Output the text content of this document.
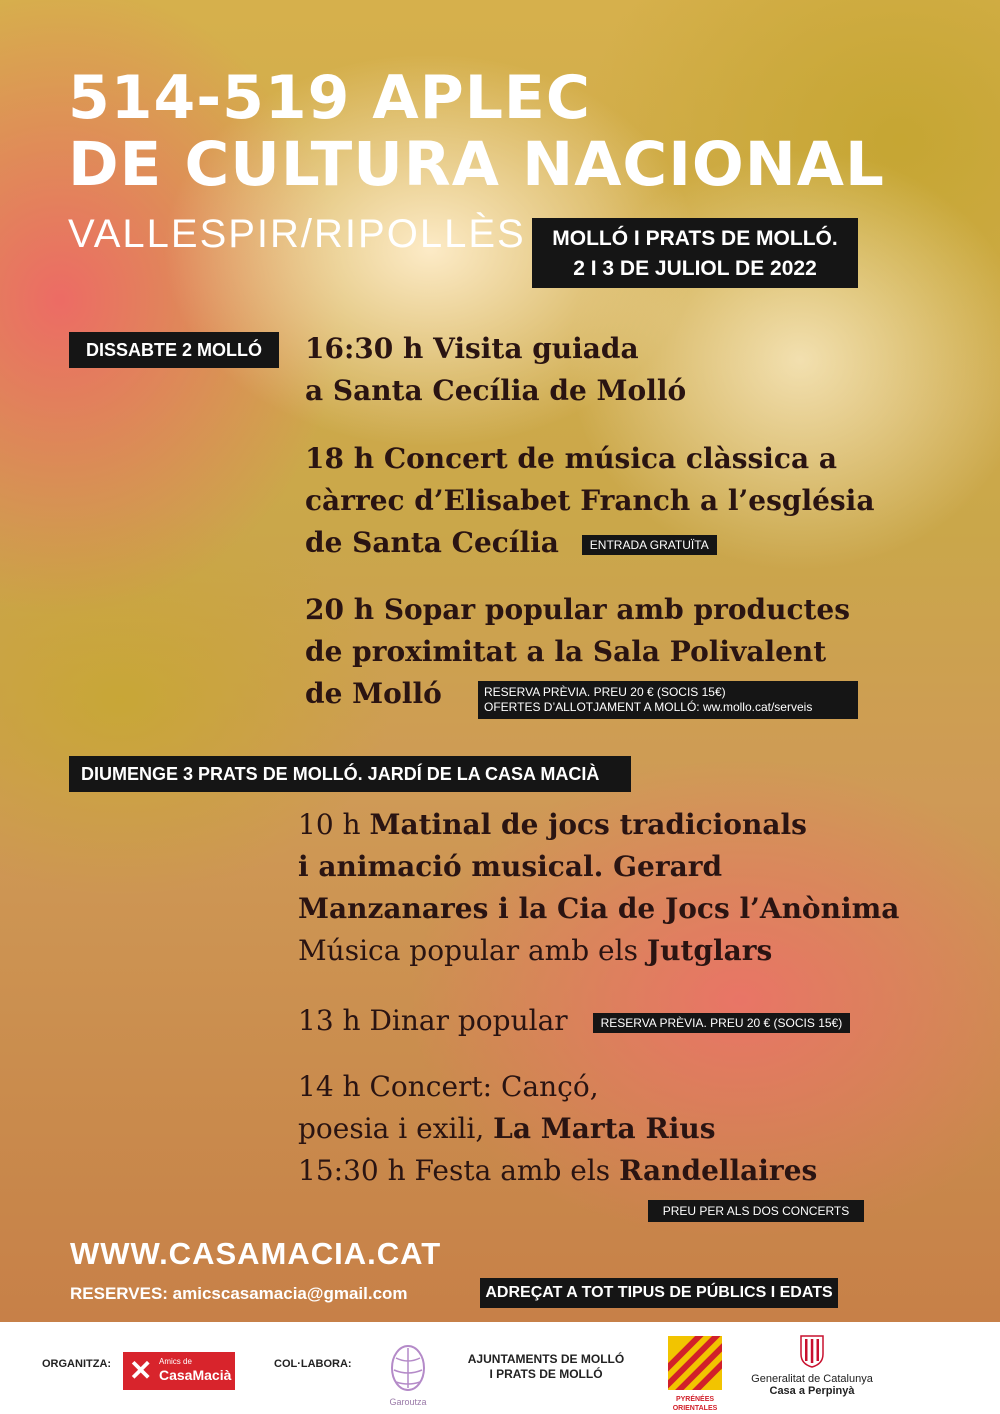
514-519 APLEC
DE CULTURA NACIONAL
VALLESPIR/RIPOLLÈS	MOLLÓ I PRATS DE MOLLÓ.
2 I 3 DE JULIOL DE 2022
DISSABTE 2 MOLLÓ	16:30 h Visita guiada
a Santa Cecília de Molló
18 h Concert de música clàssica a
càrrec d’Elisabet Franch a l’església
de Santa Cecília	ENTRADA GRATUÏTA
20 h Sopar popular amb productes
de proximitat a la Sala Polivalent
de Molló	RESERVA PRÈVIA. PREU 20 € (SOCIS 15€)
OFERTES D’ALLOTJAMENT A MOLLÓ: ww.mollo.cat/serveis
DIUMENGE 3 PRATS DE MOLLÓ. JARDÍ DE LA CASA MACIÀ
10 h Matinal de jocs tradicionals
i animació musical. Gerard
Manzanares i la Cia de Jocs l’Anònima
Música popular amb els Jutglars
13 h Dinar popular	RESERVA PRÈVIA. PREU 20 € (SOCIS 15€)
14 h Concert: Cançó,
poesia i exili, La Marta Rius
15:30 h Festa amb els Randellaires
PREU PER ALS DOS CONCERTS
WWW.CASAMACIA.CAT
RESERVES: amicscasamacia@gmail.com	ADREÇAT A TOT TIPUS DE PÚBLICS I EDATS
ORGANITZA: ✕ Amics de
CasaMacià
COL·LABORA:
Garoutza
AJUNTAMENTS DE MOLLÓ
I PRATS DE MOLLÓ
PYRÉNÉES ORIENTALES
Generalitat de Catalunya
Casa a Perpinyà
